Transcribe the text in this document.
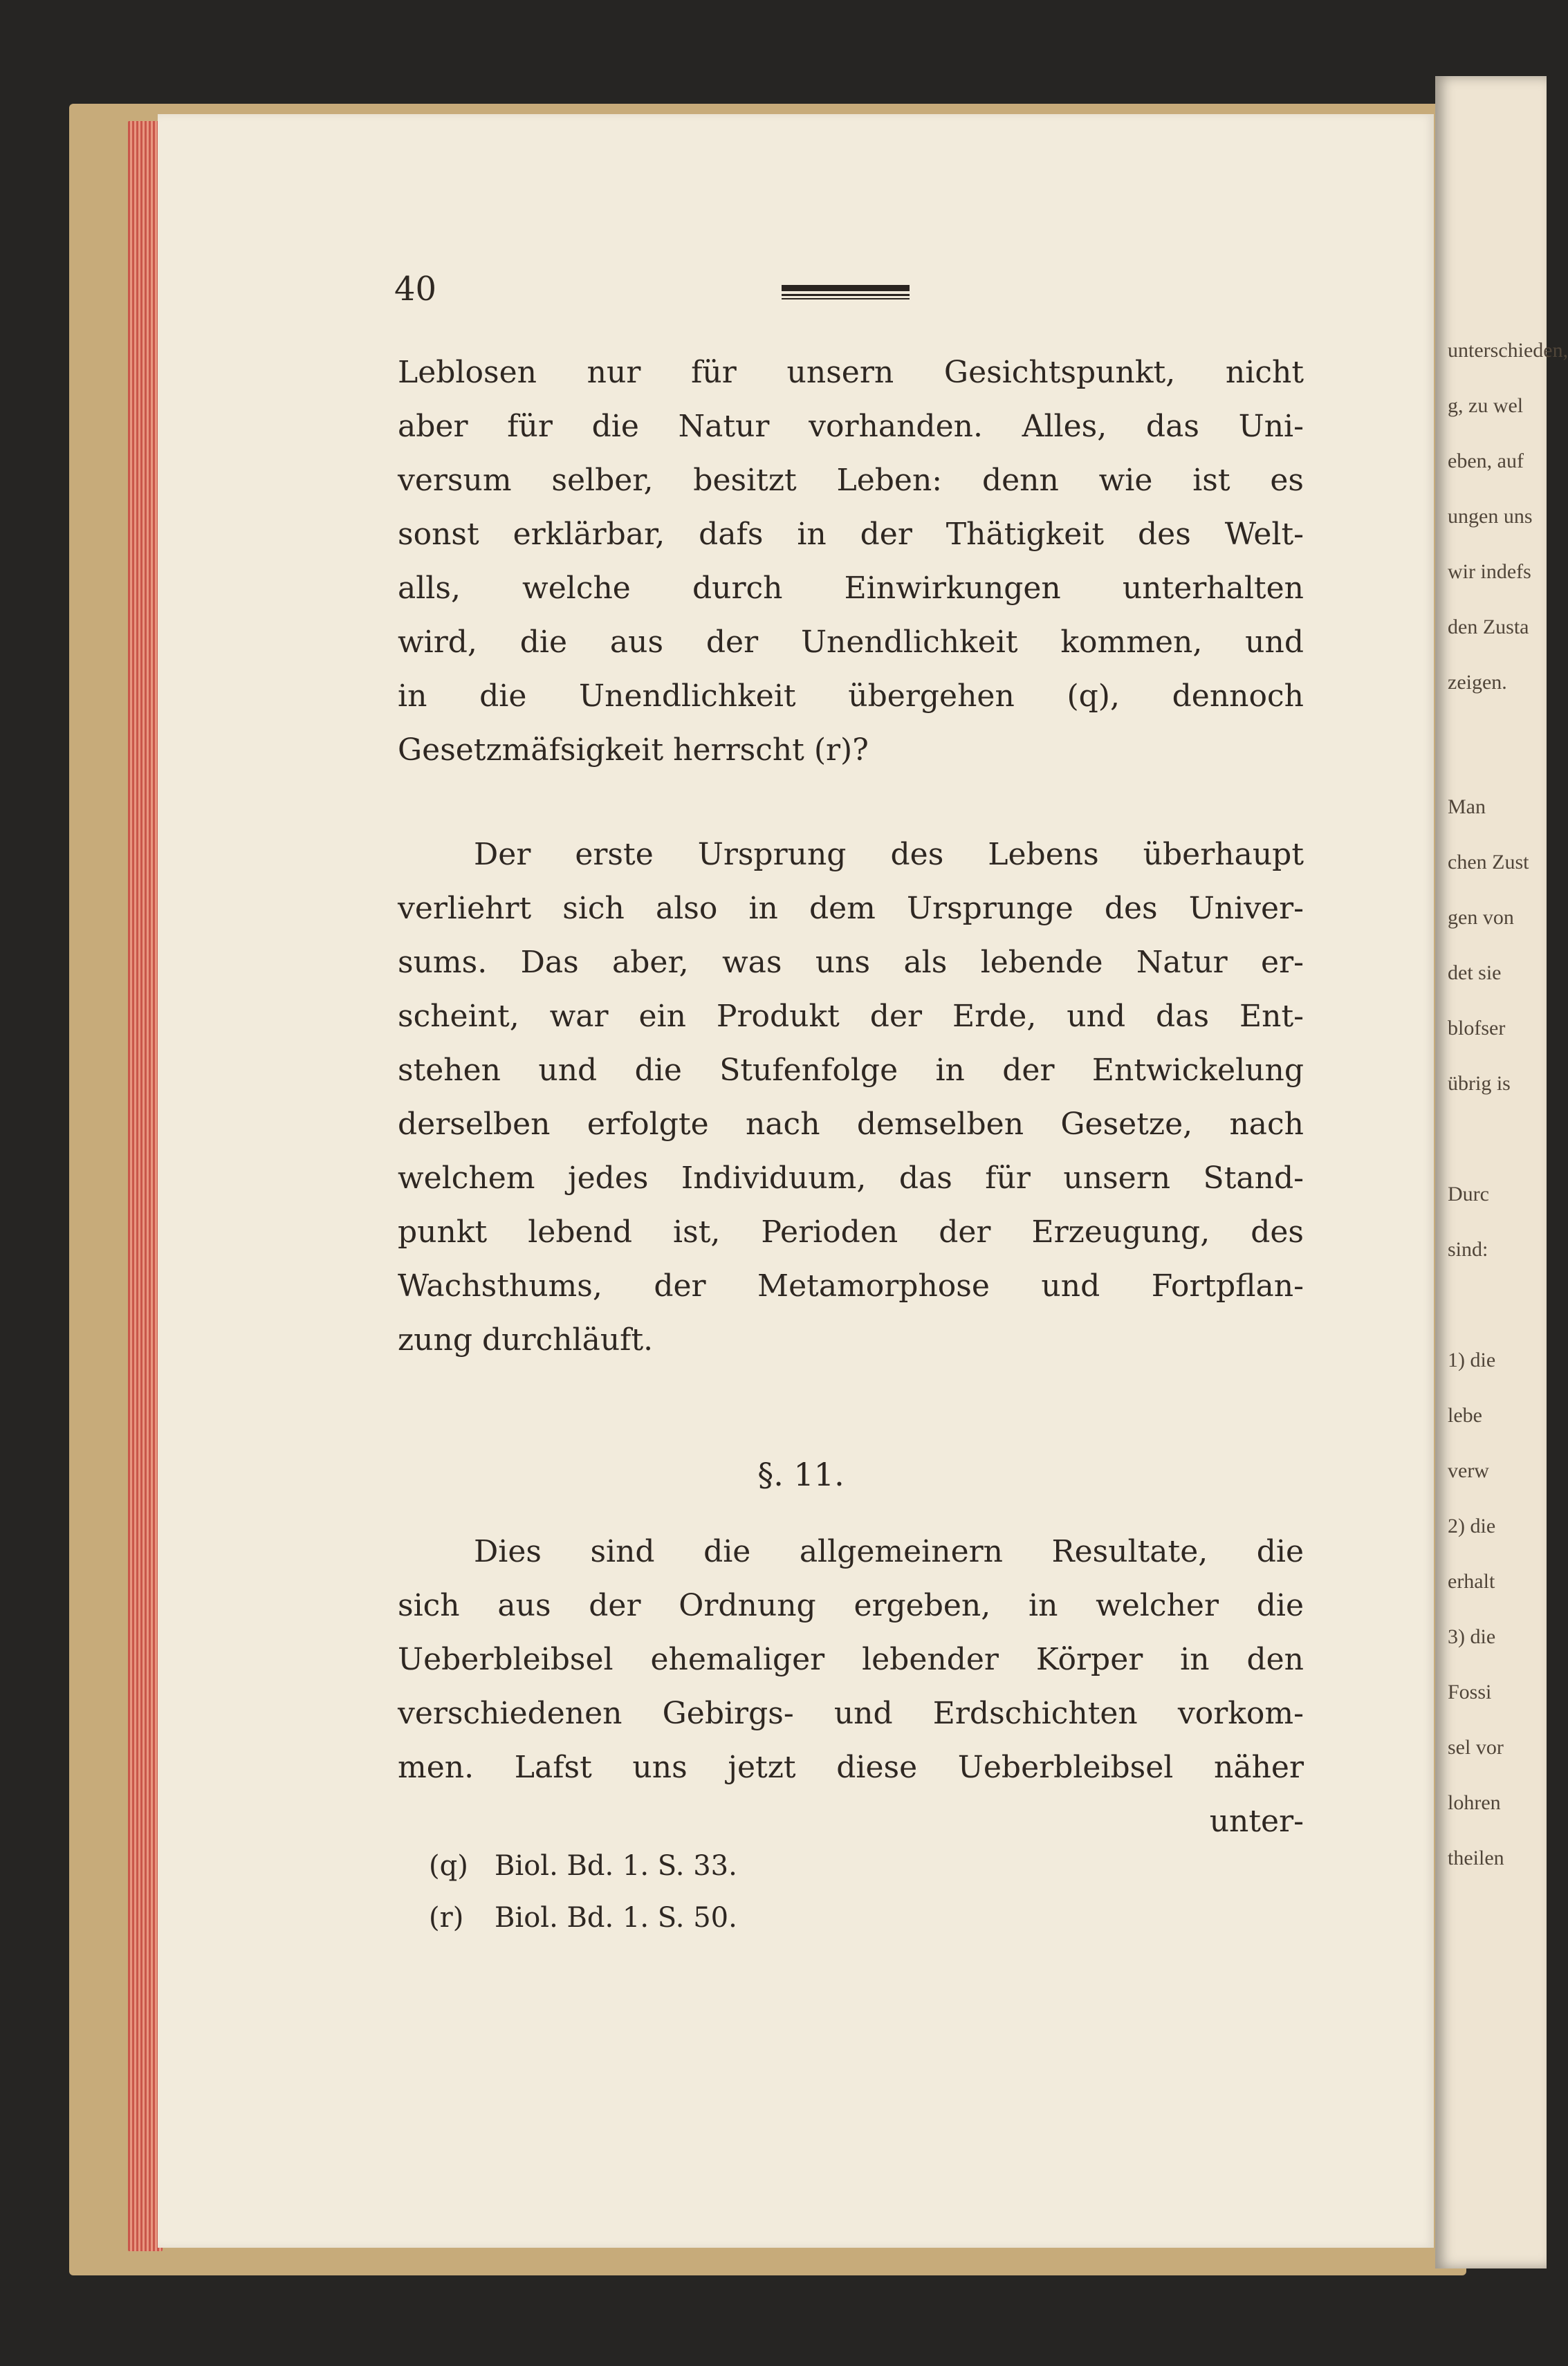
unterschieden,
g, zu wel
eben, auf
ungen uns
wir indefs
den Zusta
zeigen.
Man
chen Zust
gen von
det sie
blofser
übrig is
Durc
sind:
1) die
lebe
verw
2) die
erhalt
3) die
Fossi
sel vor
lohren
theilen
40
Leblosen nur für unsern Gesichtspunkt, nicht
aber für die Natur vorhanden. Alles, das Uni-
versum selber, besitzt Leben: denn wie ist es
sonst erklärbar, dafs in der Thätigkeit des Welt-
alls, welche durch Einwirkungen unterhalten
wird, die aus der Unendlichkeit kommen, und
in die Unendlichkeit übergehen (q), dennoch
Gesetzmäfsigkeit herrscht (r)?
Der erste Ursprung des Lebens überhaupt
verliehrt sich also in dem Ursprunge des Univer-
sums. Das aber, was uns als lebende Natur er-
scheint, war ein Produkt der Erde, und das Ent-
stehen und die Stufenfolge in der Entwickelung
derselben erfolgte nach demselben Gesetze, nach
welchem jedes Individuum, das für unsern Stand-
punkt lebend ist, Perioden der Erzeugung, des
Wachsthums, der Metamorphose und Fortpflan-
zung durchläuft.
§. 11.
Dies sind die allgemeinern Resultate, die
sich aus der Ordnung ergeben, in welcher die
Ueberbleibsel ehemaliger lebender Körper in den
verschiedenen Gebirgs- und Erdschichten vorkom-
men. Lafst uns jetzt diese Ueberbleibsel näher
unter-
(q) Biol. Bd. 1. S. 33.
(r) Biol. Bd. 1. S. 50.
